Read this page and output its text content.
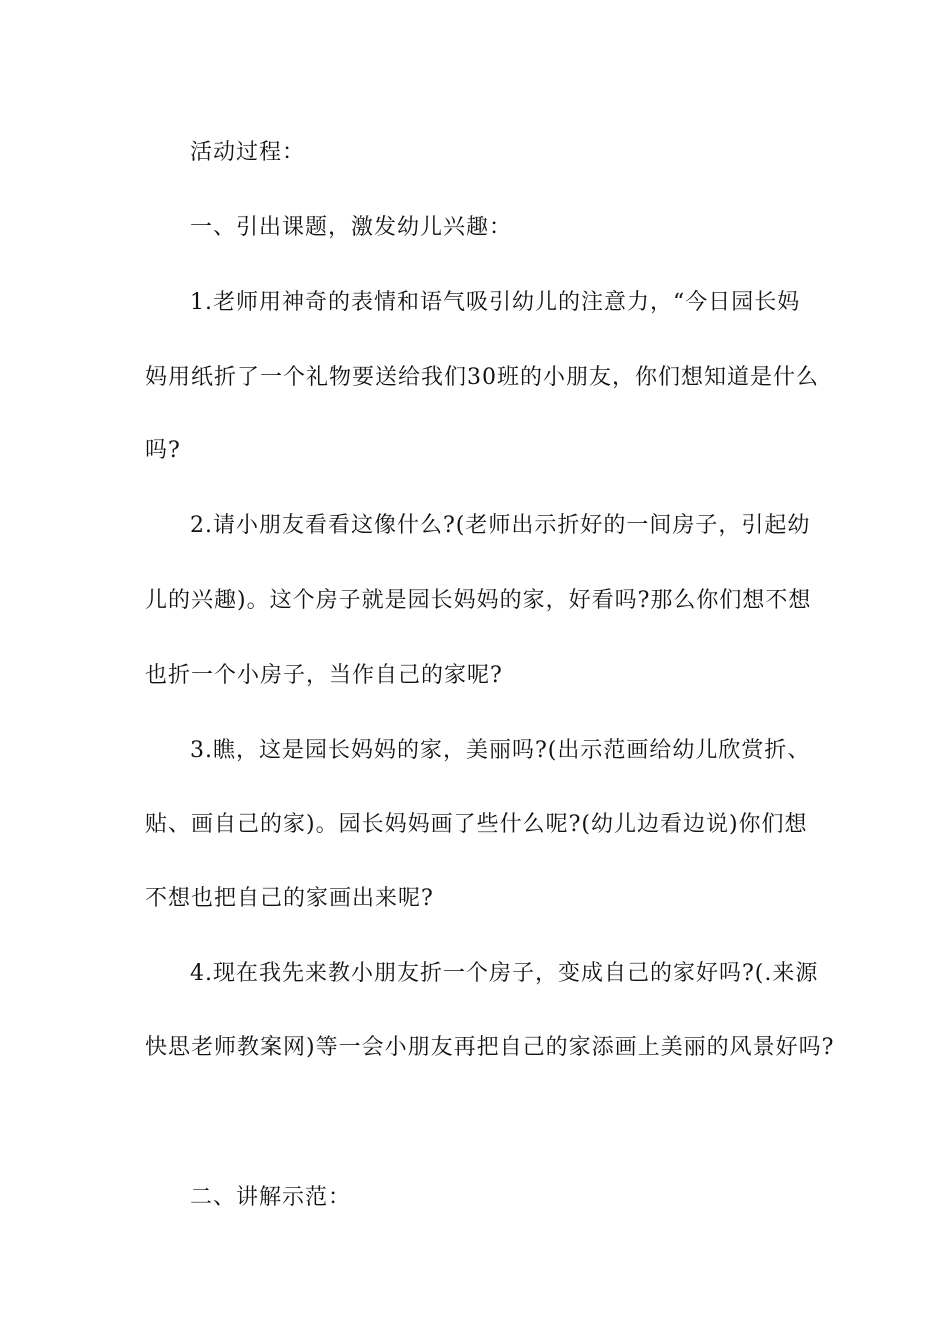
活动过程：
一、引出课题，激发幼儿兴趣：
1.老师用神奇的表情和语气吸引幼儿的注意力，“今日园长妈
妈用纸折了一个礼物要送给我们30班的小朋友，你们想知道是什么
吗?
2.请小朋友看看这像什么?(老师出示折好的一间房子，引起幼
儿的兴趣)。这个房子就是园长妈妈的家，好看吗?那么你们想不想
也折一个小房子，当作自己的家呢?
3.瞧，这是园长妈妈的家，美丽吗?(出示范画给幼儿欣赏折、
贴、画自己的家)。园长妈妈画了些什么呢?(幼儿边看边说)你们想
不想也把自己的家画出来呢?
4.现在我先来教小朋友折一个房子，变成自己的家好吗?(.来源
快思老师教案网)等一会小朋友再把自己的家添画上美丽的风景好吗?
二、讲解示范：
